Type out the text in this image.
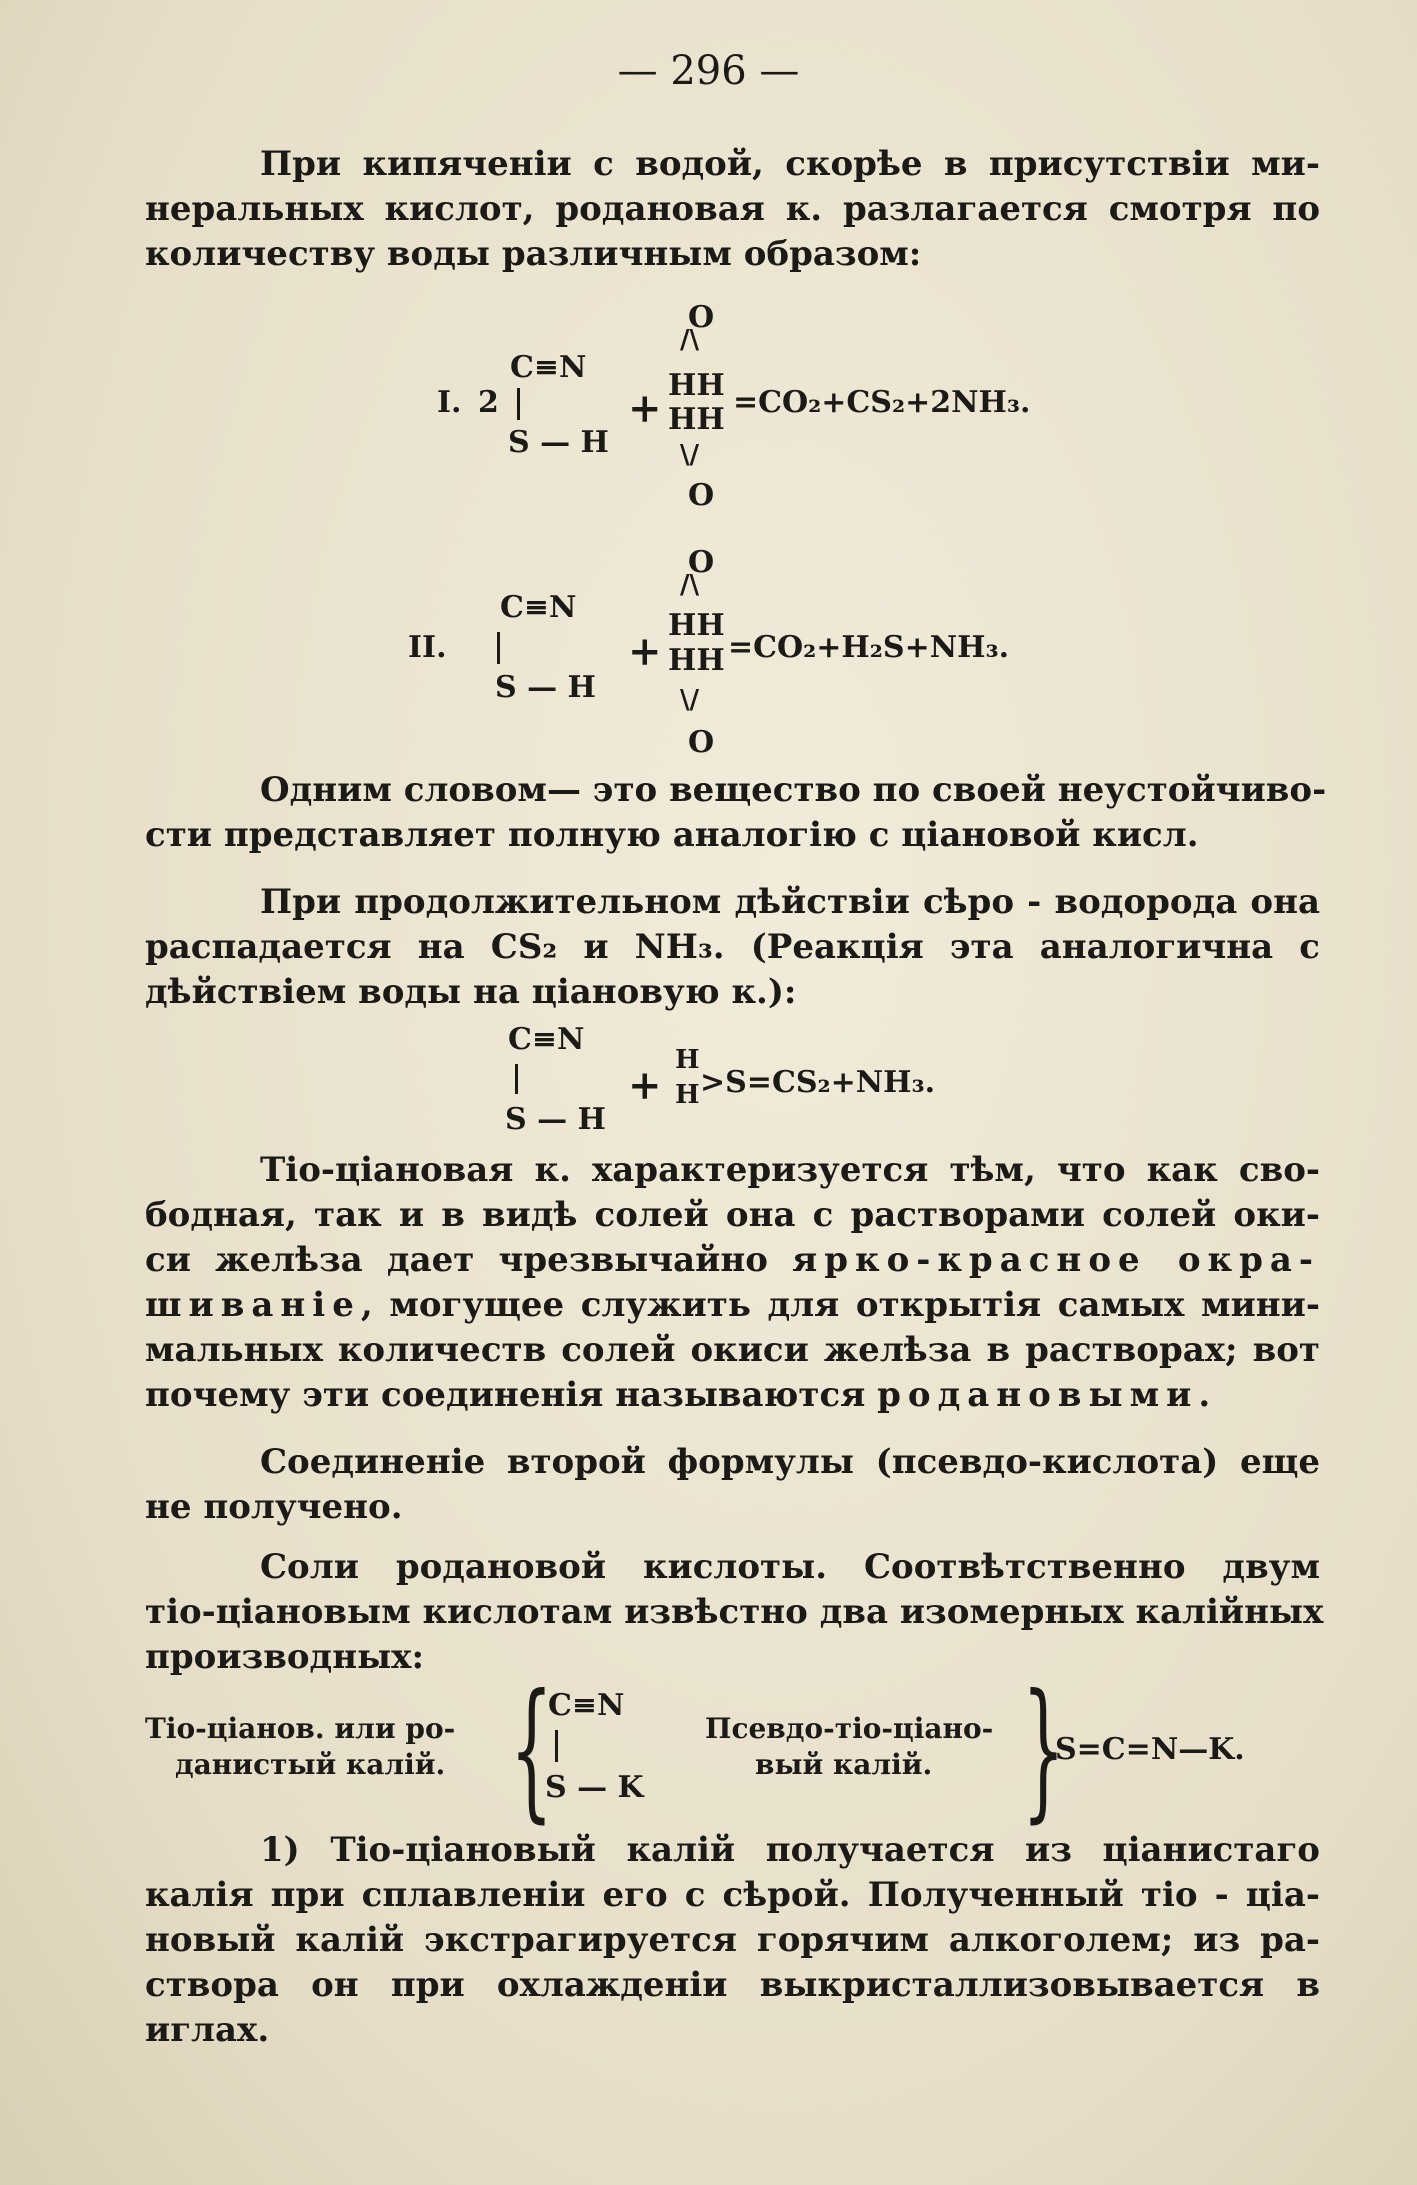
— 296 —
При кипяченіи с водой, скорѣе в присутствіи ми-
неральных кислот, родановая к. разлагается смотря по
количеству воды различным образом:
O
/\
C≡N
HH
I. 2	+ HH =CO₂+CS₂+2NH₃.
S — H	\/
O
O
/\
C≡N
HH
II.	+ HH =CO₂+H₂S+NH₃.
S — H	\/
O
Одним словом— это вещество по своей неустойчиво-
сти представляет полную аналогію с ціановой кисл.
При продолжительном дѣйствіи сѣро - водорода она
распадается на CS₂ и NH₃. (Реакція эта аналогична с
дѣйствіем воды на ціановую к.):
C≡N
+
H
H >S=CS₂+NH₃.
S — H
Тіо-ціановая к. характеризуется тѣм, что как сво-
бодная, так и в видѣ солей она с растворами солей оки-
си желѣза дает чрезвычайно ярко-красное окра-
шиваніе, могущее служить для открытія самых мини-
мальных количеств солей окиси желѣза в растворах; вот
почему эти соединенія называются родановыми.
Соединеніе второй формулы (псевдо-кислота) еще
не получено.
Соли родановой кислоты. Соотвѣтственно двум
тіо-ціановым кислотам извѣстно два изомерных калійных
производных:
Тіо-ціанов. или ро-
данистый калій. {
C≡N
S — K
Псевдо-тіо-ціано-
вый калій. }
S=C=N—K.
1) Тіо-ціановый калій получается из ціанистаго
калія при сплавленіи его с сѣрой. Полученный тіо - ціа-
новый калій экстрагируется горячим алкоголем; из ра-
створа он при охлажденіи выкристаллизовывается в
иглах.
